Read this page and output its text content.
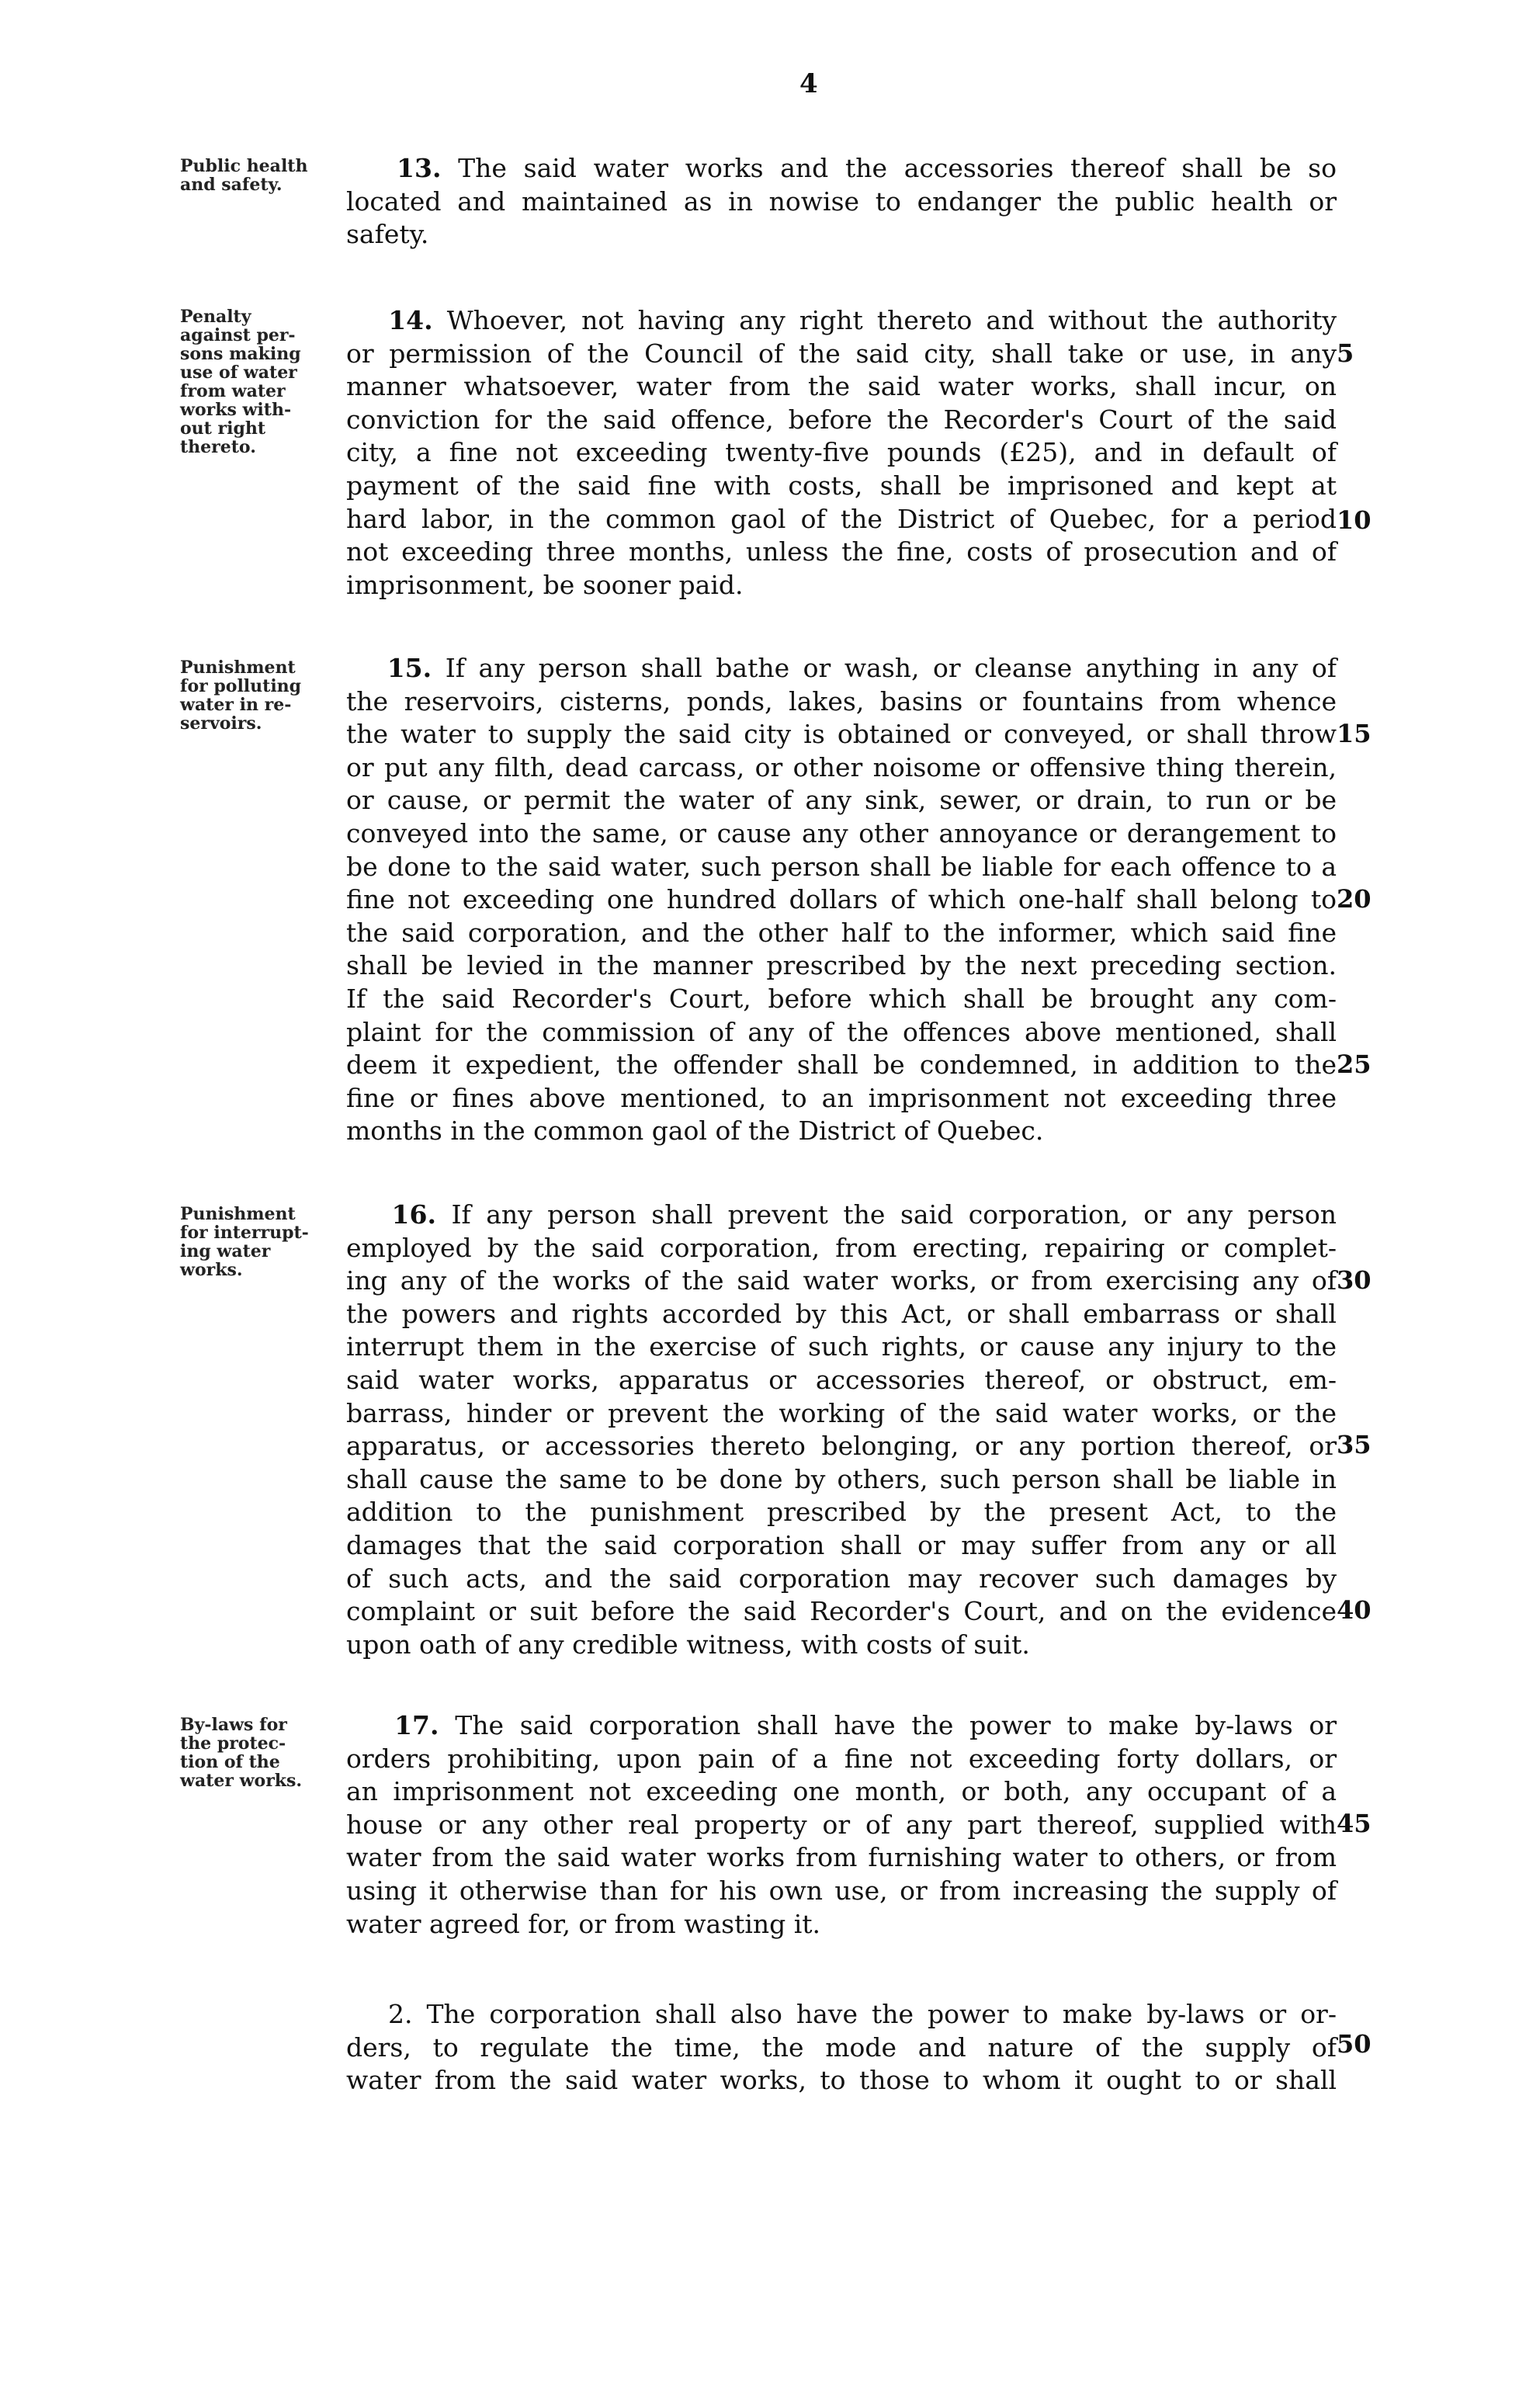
4
Public health
and safety.
13. The said water works and the accessories thereof shall be so
located and maintained as in nowise to endanger the public health or
safety.
Penalty
against per-
sons making
use of water
from water
works with-
out right
thereto.
14. Whoever, not having any right thereto and without the authority
or permission of the Council of the said city, shall take or use, in any
manner whatsoever, water from the said water works, shall incur, on
conviction for the said offence, before the Recorder's Court of the said
city, a fine not exceeding twenty-five pounds (£25), and in default of
payment of the said fine with costs, shall be imprisoned and kept at
hard labor, in the common gaol of the District of Quebec, for a period
not exceeding three months, unless the fine, costs of prosecution and of
imprisonment, be sooner paid.
Punishment
for polluting
water in re-
servoirs.
15. If any person shall bathe or wash, or cleanse anything in any of
the reservoirs, cisterns, ponds, lakes, basins or fountains from whence
the water to supply the said city is obtained or conveyed, or shall throw
or put any filth, dead carcass, or other noisome or offensive thing therein,
or cause, or permit the water of any sink, sewer, or drain, to run or be
conveyed into the same, or cause any other annoyance or derangement to
be done to the said water, such person shall be liable for each offence to a
fine not exceeding one hundred dollars of which one-half shall belong to
the said corporation, and the other half to the informer, which said fine
shall be levied in the manner prescribed by the next preceding section.
If the said Recorder's Court, before which shall be brought any com-
plaint for the commission of any of the offences above mentioned, shall
deem it expedient, the offender shall be condemned, in addition to the
fine or fines above mentioned, to an imprisonment not exceeding three
months in the common gaol of the District of Quebec.
Punishment
for interrupt-
ing water
works.
16. If any person shall prevent the said corporation, or any person
employed by the said corporation, from erecting, repairing or complet-
ing any of the works of the said water works, or from exercising any of
the powers and rights accorded by this Act, or shall embarrass or shall
interrupt them in the exercise of such rights, or cause any injury to the
said water works, apparatus or accessories thereof, or obstruct, em-
barrass, hinder or prevent the working of the said water works, or the
apparatus, or accessories thereto belonging, or any portion thereof, or
shall cause the same to be done by others, such person shall be liable in
addition to the punishment prescribed by the present Act, to the
damages that the said corporation shall or may suffer from any or all
of such acts, and the said corporation may recover such damages by
complaint or suit before the said Recorder's Court, and on the evidence
upon oath of any credible witness, with costs of suit.
By-laws for
the protec-
tion of the
water works.
17. The said corporation shall have the power to make by-laws or
orders prohibiting, upon pain of a fine not exceeding forty dollars, or
an imprisonment not exceeding one month, or both, any occupant of a
house or any other real property or of any part thereof, supplied with
water from the said water works from furnishing water to others, or from
using it otherwise than for his own use, or from increasing the supply of
water agreed for, or from wasting it.
2. The corporation shall also have the power to make by-laws or or-
ders, to regulate the time, the mode and nature of the supply of
water from the said water works, to those to whom it ought to or shall
5
10
15
20
25
30
35
40
45
50
